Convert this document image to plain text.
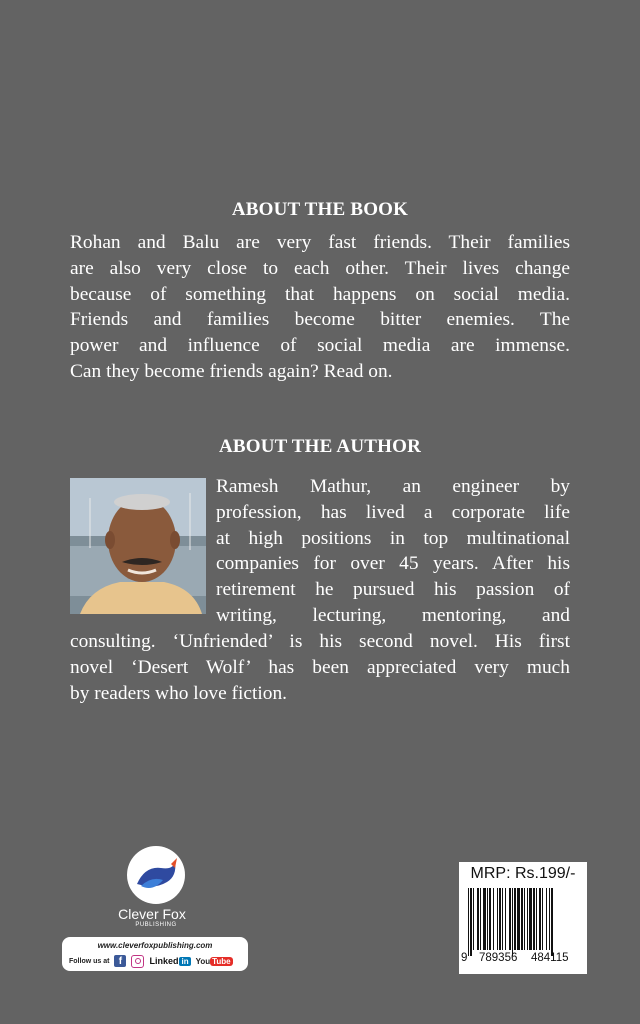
ABOUT THE BOOK
Rohan and Balu are very fast friends. Their families
are also very close to each other. Their lives change
because of something that happens on social media.
Friends and families become bitter enemies. The
power and influence of social media are immense.
Can they become friends again? Read on.
ABOUT THE AUTHOR
Ramesh Mathur, an engineer by
profession, has lived a corporate life
at high positions in top multinational
companies for over 45 years. After his
retirement he pursued his passion of
writing, lecturing, mentoring, and
consulting. ‘Unfriended’ is his second novel. His first
novel ‘Desert Wolf’ has been appreciated very much
by readers who love fiction.
Clever Fox
PUBLISHING
www.cleverfoxpublishing.com
Follow us at f	Linked in You Tube
MRP: Rs.199/-
9 789356 484115
